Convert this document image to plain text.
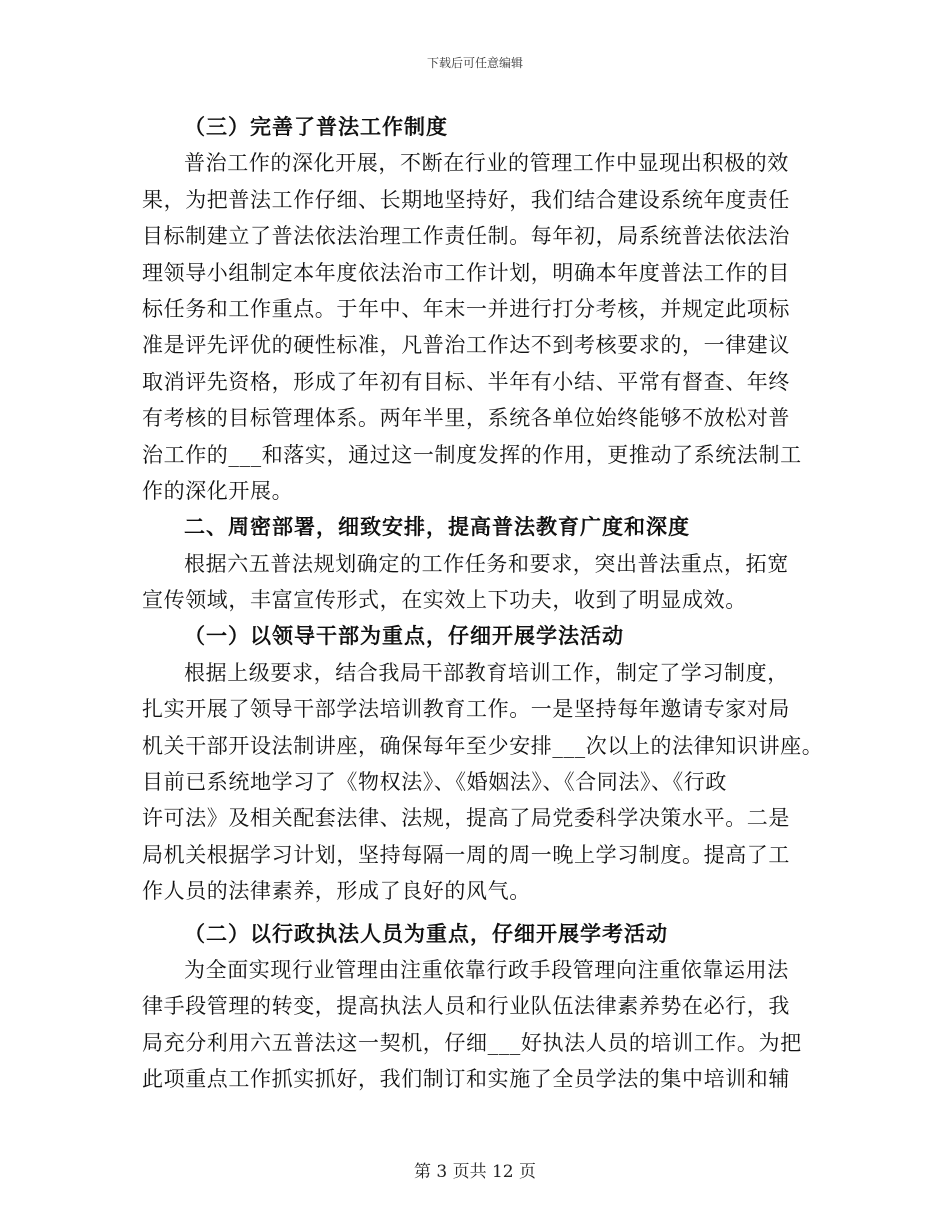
下载后可任意编辑
（三）完善了普法工作制度
普治工作的深化开展，不断在行业的管理工作中显现出积极的效
果，为把普法工作仔细、长期地坚持好，我们结合建设系统年度责任
目标制建立了普法依法治理工作责任制。每年初，局系统普法依法治
理领导小组制定本年度依法治市工作计划，明确本年度普法工作的目
标任务和工作重点。于年中、年末一并进行打分考核，并规定此项标
准是评先评优的硬性标准，凡普治工作达不到考核要求的，一律建议
取消评先资格，形成了年初有目标、半年有小结、平常有督查、年终
有考核的目标管理体系。两年半里，系统各单位始终能够不放松对普
治工作的___和落实，通过这一制度发挥的作用，更推动了系统法制工
作的深化开展。
二、周密部署，细致安排，提高普法教育广度和深度
根据六五普法规划确定的工作任务和要求，突出普法重点，拓宽
宣传领域，丰富宣传形式，在实效上下功夫，收到了明显成效。
（一）以领导干部为重点，仔细开展学法活动
根据上级要求，结合我局干部教育培训工作，制定了学习制度，
扎实开展了领导干部学法培训教育工作。一是坚持每年邀请专家对局
机关干部开设法制讲座，确保每年至少安排___次以上的法律知识讲座。
目前已系统地学习了《物权法》、《婚姻法》、《合同法》、《行政
许可法》及相关配套法律、法规，提高了局党委科学决策水平。二是
局机关根据学习计划，坚持每隔一周的周一晚上学习制度。提高了工
作人员的法律素养，形成了良好的风气。
（二）以行政执法人员为重点，仔细开展学考活动
为全面实现行业管理由注重依靠行政手段管理向注重依靠运用法
律手段管理的转变，提高执法人员和行业队伍法律素养势在必行，我
局充分利用六五普法这一契机，仔细___好执法人员的培训工作。为把
此项重点工作抓实抓好，我们制订和实施了全员学法的集中培训和辅
第 3 页共 12 页
